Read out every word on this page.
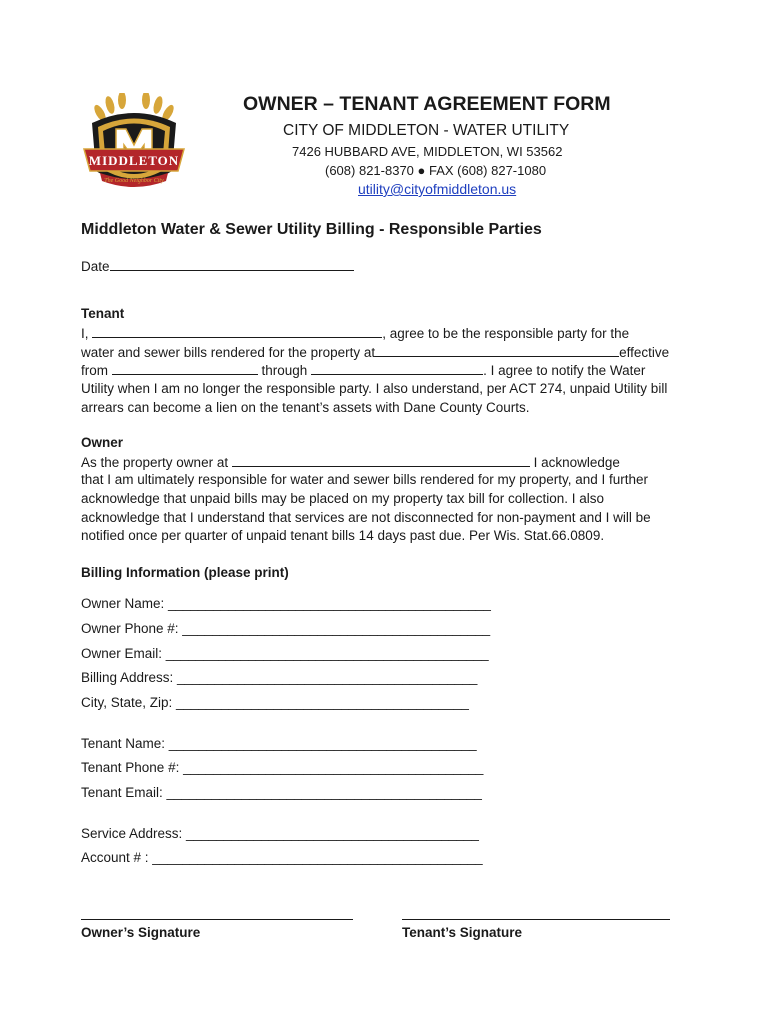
MIDDLETON
The Good Neighbor City
OWNER – TENANT AGREEMENT FORM
CITY OF MIDDLETON - WATER UTILITY
7426 HUBBARD AVE, MIDDLETON, WI 53562
(608) 821-8370 ● FAX (608) 827-1080
utility@cityofmiddleton.us
Middleton Water & Sewer Utility Billing - Responsible Parties
Date
Tenant
I,	, agree to be the responsible party for the
water and sewer bills rendered for the property at	effective
from	through	. I agree to notify the Water
Utility when I am no longer the responsible party. I also understand, per ACT 274, unpaid Utility bill
arrears can become a lien on the tenant’s assets with Dane County Courts.
Owner
As the property owner at	I acknowledge
that I am ultimately responsible for water and sewer bills rendered for my property, and I further
acknowledge that unpaid bills may be placed on my property tax bill for collection. I also
acknowledge that I understand that services are not disconnected for non-payment and I will be
notified once per quarter of unpaid tenant bills 14 days past due. Per Wis. Stat.66.0809.
Billing Information (please print)
Owner Name: ___________________________________________
Owner Phone #: _________________________________________
Owner Email: ___________________________________________
Billing Address: ________________________________________
City, State, Zip: _______________________________________
Tenant Name: _________________________________________
Tenant Phone #: ________________________________________
Tenant Email: __________________________________________
Service Address: _______________________________________
Account # : ____________________________________________
Owner’s Signature	Tenant’s Signature
